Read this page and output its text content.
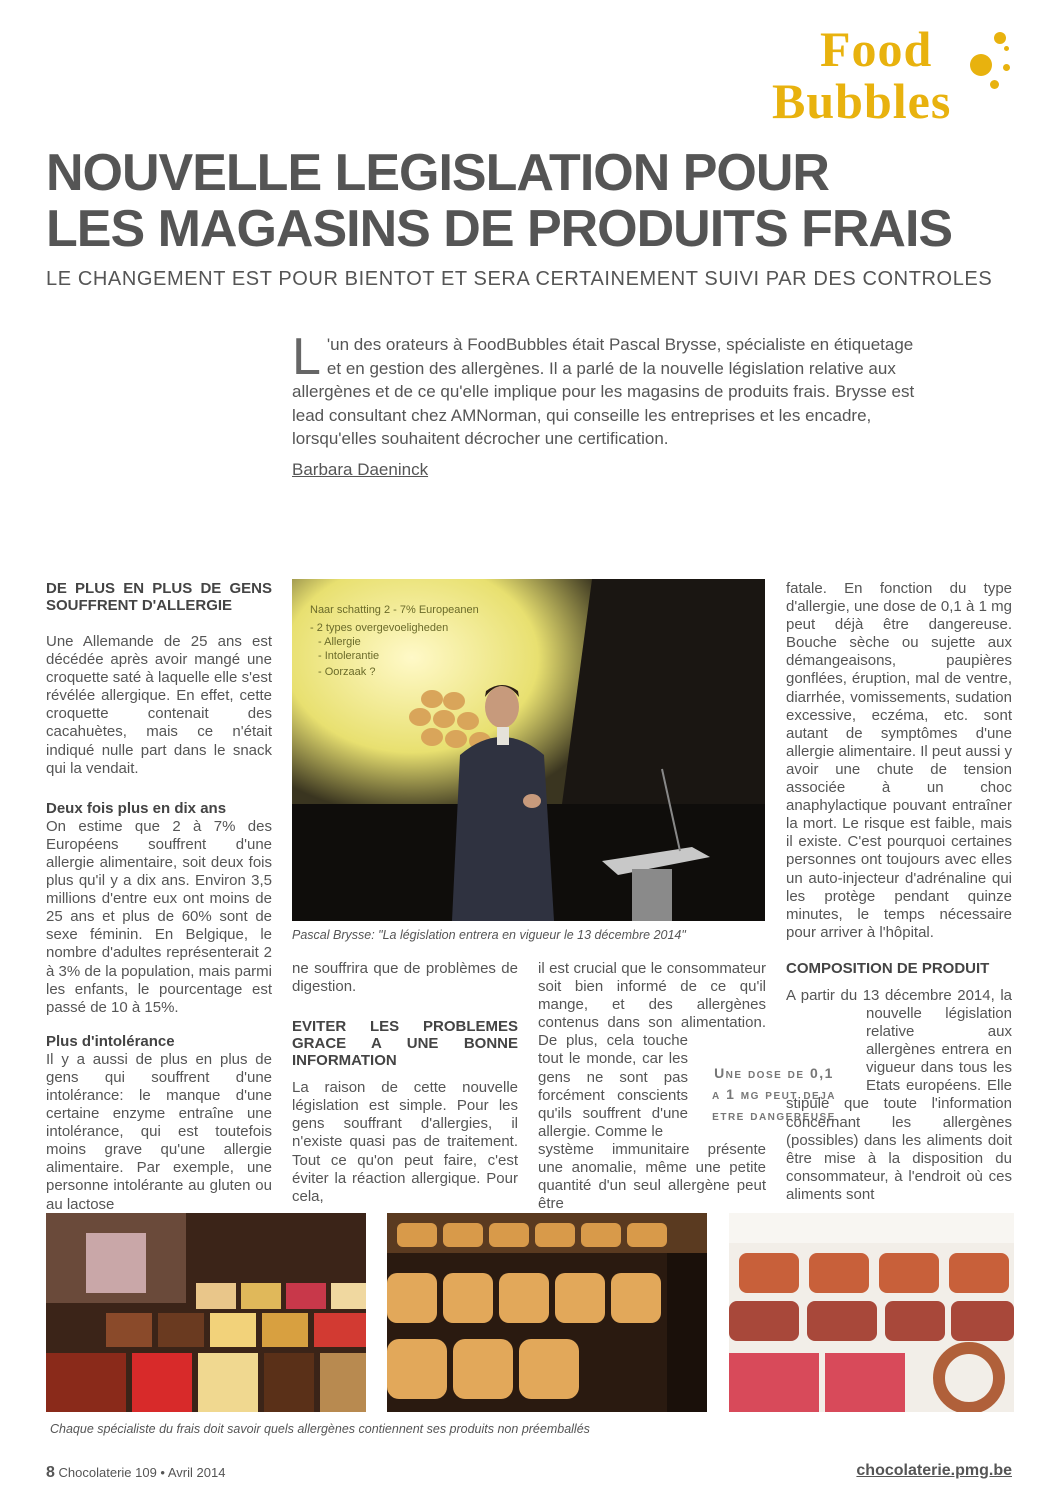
Food
Bubbles
NOUVELLE LEGISLATION POUR
LES MAGASINS DE PRODUITS FRAIS
LE CHANGEMENT EST POUR BIENTOT ET SERA CERTAINEMENT SUIVI PAR DES CONTROLES
L 'un des orateurs à FoodBubbles était Pascal Brysse, spécialiste en étiquetage et en gestion des allergènes. Il a parlé de la nouvelle législation relative aux allergènes et de ce qu'elle implique pour les magasins de produits frais. Brysse est lead consultant chez AMNorman, qui conseille les entreprises et les encadre, lorsqu'elles souhaitent décrocher une certification.
Barbara Daeninck
DE PLUS EN PLUS DE GENS SOUFFRENT D'ALLERGIE

Une Allemande de 25 ans est décédée après avoir mangé une croquette saté à laquelle elle s'est révélée allergique. En effet, cette croquette contenait des cacahuètes, mais ce n'était indiqué nulle part dans le snack qui la vendait.

Deux fois plus en dix ans

On estime que 2 à 7% des Européens souffrent d'une allergie alimentaire, soit deux fois plus qu'il y a dix ans. Environ 3,5 millions d'entre eux ont moins de 25 ans et plus de 60% sont de sexe féminin. En Belgique, le nombre d'adultes représenterait 2 à 3% de la population, mais parmi les enfants, le pourcentage est passé de 10 à 15%.

Plus d'intolérance

Il y a aussi de plus en plus de gens qui souffrent d'une intolérance: le manque d'une certaine enzyme entraîne une intolérance, qui est toutefois moins grave qu'une allergie alimentaire. Par exemple, une personne intolérante au gluten ou au lactose

Naar schatting 2 - 7% Europeanen
- 2 types overgevoeligheden
- Allergie
- Intolerantie
- Oorzaak ?
Pascal Brysse: "La législation entrera en vigueur le 13 décembre 2014"

ne souffrira que de problèmes de digestion.

EVITER LES PROBLEMES GRACE A UNE BONNE INFORMATION

La raison de cette nouvelle législation est simple. Pour les gens souffrant d'allergies, il n'existe quasi pas de traitement. Tout ce qu'on peut faire, c'est éviter la réaction allergique. Pour cela,

il est crucial que le consommateur soit bien informé de ce qu'il mange, et des allergènes contenus dans son alimentation. De plus, cela touche tout le monde, car les gens ne sont pas forcément conscients qu'ils souffrent d'une allergie. Comme le

système immunitaire présente une anomalie, même une petite quantité d'un seul allergène peut être

Une dose de 0,1
a 1 mg peut deja
etre dangereuse

fatale. En fonction du type d'allergie, une dose de 0,1 à 1 mg peut déjà être dangereuse. Bouche sèche ou sujette aux démangeaisons, paupières gonflées, éruption, mal de ventre, diarrhée, vomissements, sudation excessive, eczéma, etc. sont autant de symptômes d'une allergie alimentaire. Il peut aussi y avoir une chute de tension associée à un choc anaphylactique pouvant entraîner la mort. Le risque est faible, mais il existe. C'est pourquoi certaines personnes ont toujours avec elles un auto-injecteur d'adrénaline qui les protège pendant quinze minutes, le temps nécessaire pour arriver à l'hôpital.

COMPOSITION DE PRODUIT

A partir du 13 décembre 2014, la nouvelle législation relative aux allergènes entrera en vigueur dans tous les Etats européens. Elle stipule que toute l'information concernant les allergènes (possibles) dans les aliments doit être mise à la disposition du consommateur, à l'endroit où ces aliments sont

Chaque spécialiste du frais doit savoir quels allergènes contiennent ses produits non préemballés
8 Chocolaterie 109 • Avril 2014	chocolaterie.pmg.be
